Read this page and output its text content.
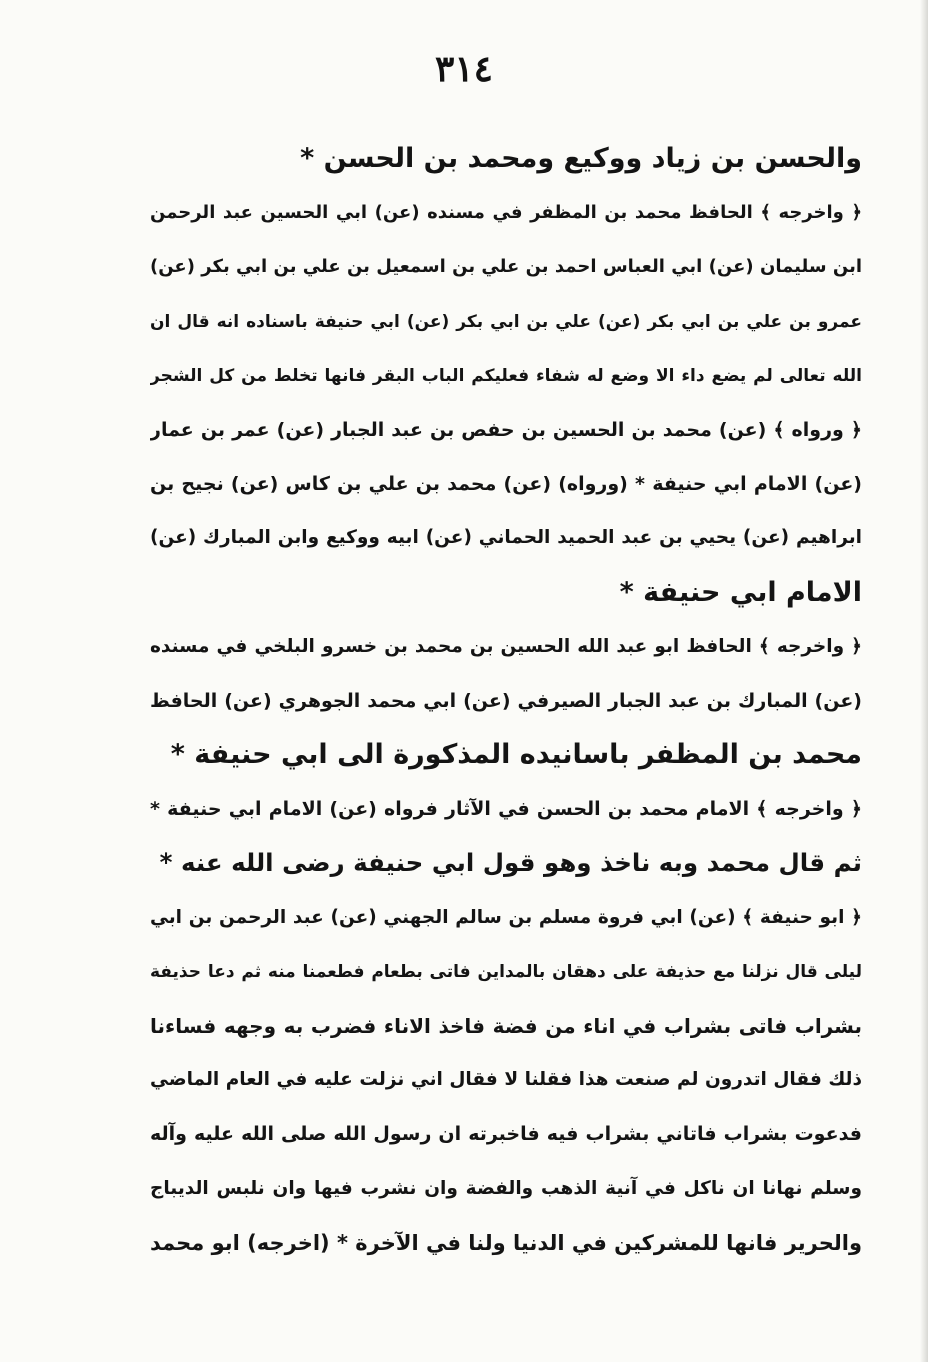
٣١٤
والحسن بن زياد ووكيع ومحمد بن الحسن *
﴿ واخرجه ﴾ الحافظ محمد بن المظفر في مسنده (عن) ابي الحسين عبد الرحمن
ابن سليمان (عن) ابي العباس احمد بن علي بن اسمعيل بن علي بن ابي بكر (عن)
عمرو بن علي بن ابي بكر (عن) علي بن ابي بكر (عن) ابي حنيفة باسناده انه قال ان
الله تعالى لم يضع داء الا وضع له شفاء فعليكم الباب البقر فانها تخلط من كل الشجر
﴿ ورواه ﴾ (عن) محمد بن الحسين بن حفص بن عبد الجبار (عن) عمر بن عمار
(عن) الامام ابي حنيفة * (ورواه) (عن) محمد بن علي بن كاس (عن) نجيح بن
ابراهيم (عن) يحيي بن عبد الحميد الحماني (عن) ابيه ووكيع وابن المبارك (عن)
الامام ابي حنيفة *
﴿ واخرجه ﴾ الحافظ ابو عبد الله الحسين بن محمد بن خسرو البلخي في مسنده
(عن) المبارك بن عبد الجبار الصيرفي (عن) ابي محمد الجوهري (عن) الحافظ
محمد بن المظفر باسانيده المذكورة الى ابي حنيفة *
﴿ واخرجه ﴾ الامام محمد بن الحسن في الآثار فرواه (عن) الامام ابي حنيفة *
ثم قال محمد وبه ناخذ وهو قول ابي حنيفة رضى الله عنه *
﴿ ابو حنيفة ﴾ (عن) ابي فروة مسلم بن سالم الجهني (عن) عبد الرحمن بن ابي
ليلى قال نزلنا مع حذيفة على دهقان بالمداين فاتى بطعام فطعمنا منه ثم دعا حذيفة
بشراب فاتى بشراب في اناء من فضة فاخذ الاناء فضرب به وجهه فساءنا
ذلك فقال اتدرون لم صنعت هذا فقلنا لا فقال اني نزلت عليه في العام الماضي
فدعوت بشراب فاتاني بشراب فيه فاخبرته ان رسول الله صلى الله عليه وآله
وسلم نهانا ان ناكل في آنية الذهب والفضة وان نشرب فيها وان نلبس الديباج
والحرير فانها للمشركين في الدنيا ولنا في الآخرة * (اخرجه) ابو محمد
